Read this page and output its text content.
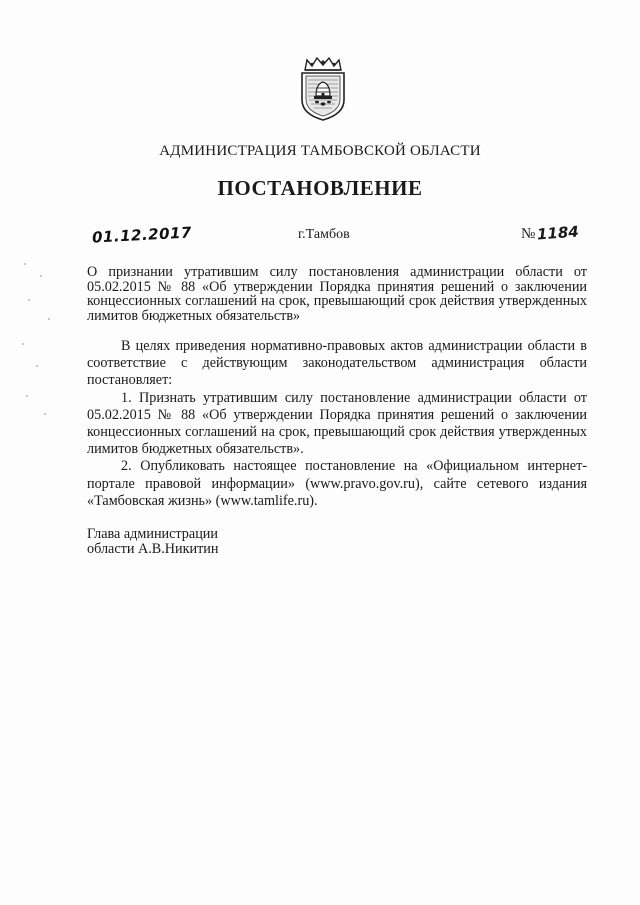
АДМИНИСТРАЦИЯ ТАМБОВСКОЙ ОБЛАСТИ
ПОСТАНОВЛЕНИЕ
01.12.2017	г.Тамбов	№1184
О признании утратившим силу постановления администрации области от 05.02.2015 № 88 «Об утверждении Порядка принятия решений о заключении концессионных соглашений на срок, превышающий срок действия утвержденных лимитов бюджетных обязательств»

В целях приведения нормативно-правовых актов администрации области в соответствие с действующим законодательством администрация области постановляет:

1. Признать утратившим силу постановление администрации области от 05.02.2015 № 88 «Об утверждении Порядка принятия решений о заключении концессионных соглашений на срок, превышающий срок действия утвержденных лимитов бюджетных обязательств».

2. Опубликовать настоящее постановление на «Официальном интернет-портале правовой информации» (www.pravo.gov.ru), сайте сетевого издания «Тамбовская жизнь» (www.tamlife.ru).

Глава администрации
области А.В.Никитин
